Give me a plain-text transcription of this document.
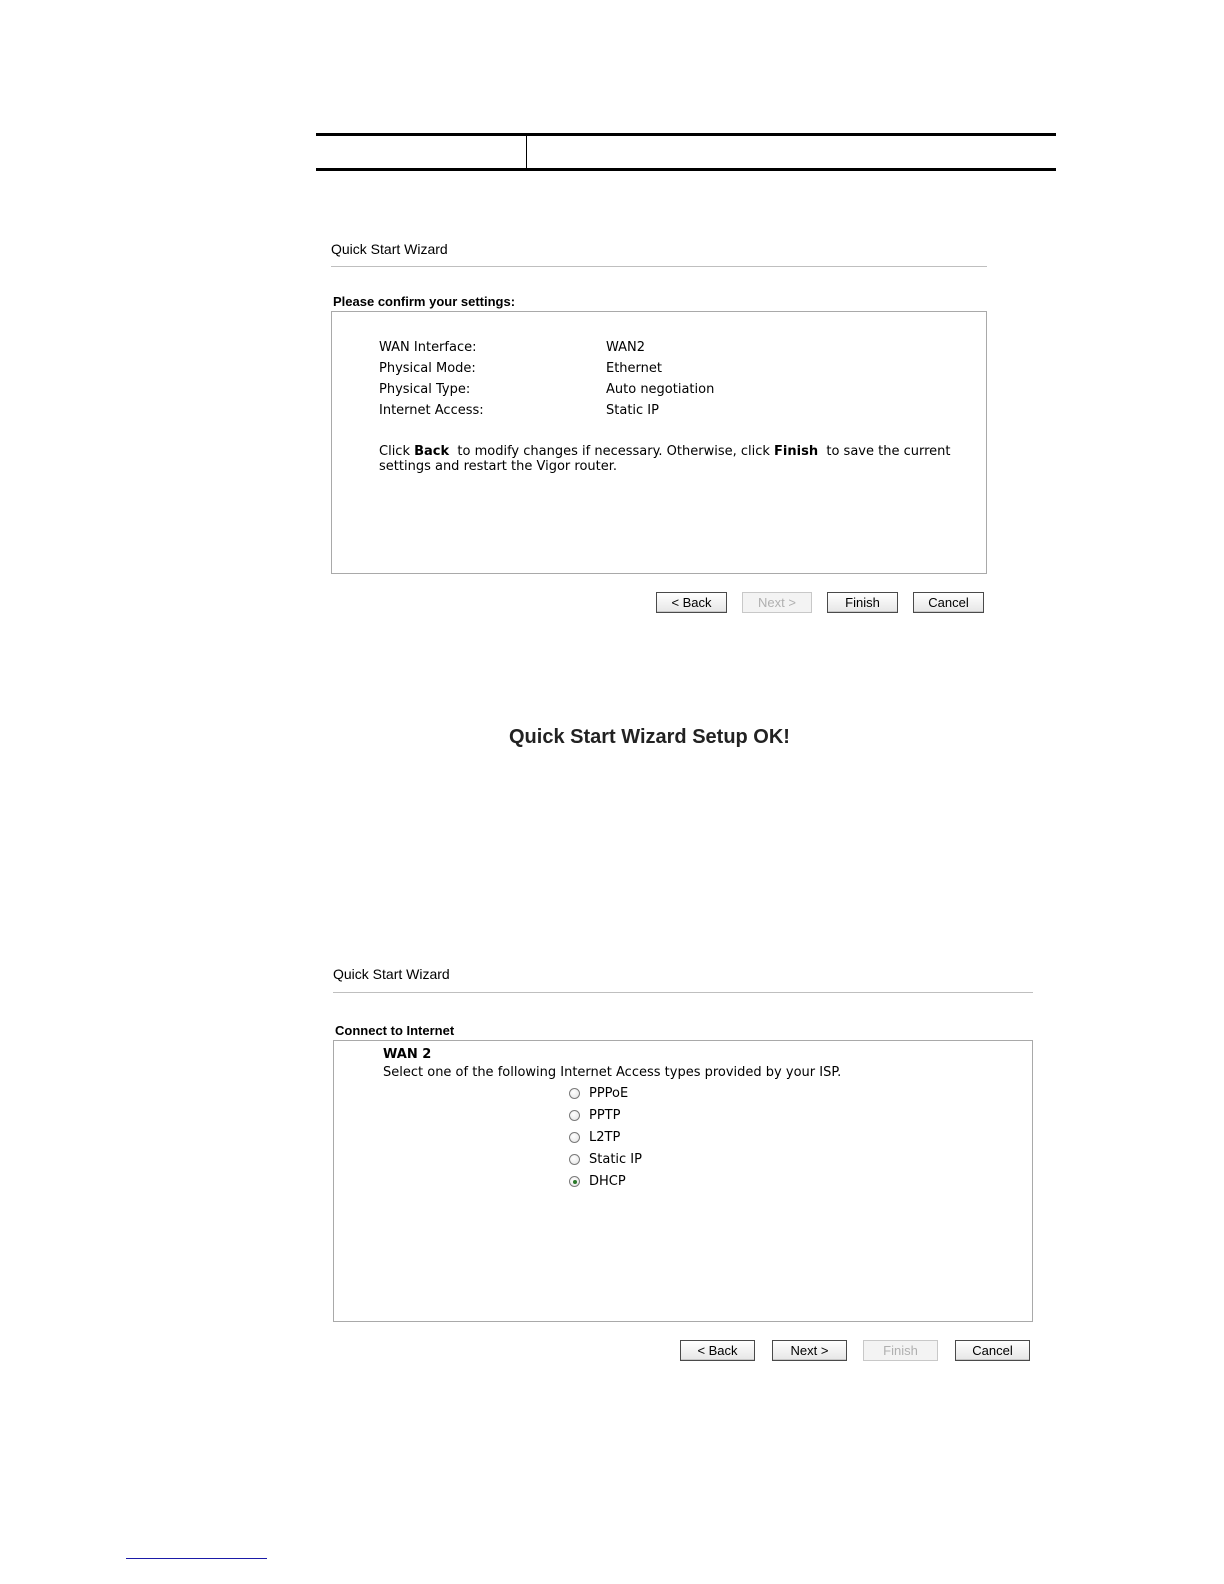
Quick Start Wizard
Please confirm your settings:
WAN Interface:	WAN2
Physical Mode:	Ethernet
Physical Type:	Auto negotiation
Internet Access:	Static IP
Click Back  to modify changes if necessary. Otherwise, click Finish  to save the current
settings and restart the Vigor router.
< Back	Next >	Finish	Cancel
Quick Start Wizard Setup OK!
Quick Start Wizard
Connect to Internet
WAN 2
Select one of the following Internet Access types provided by your ISP.
PPPoE
PPTP
L2TP
Static IP
DHCP
< Back	Next >	Finish	Cancel
